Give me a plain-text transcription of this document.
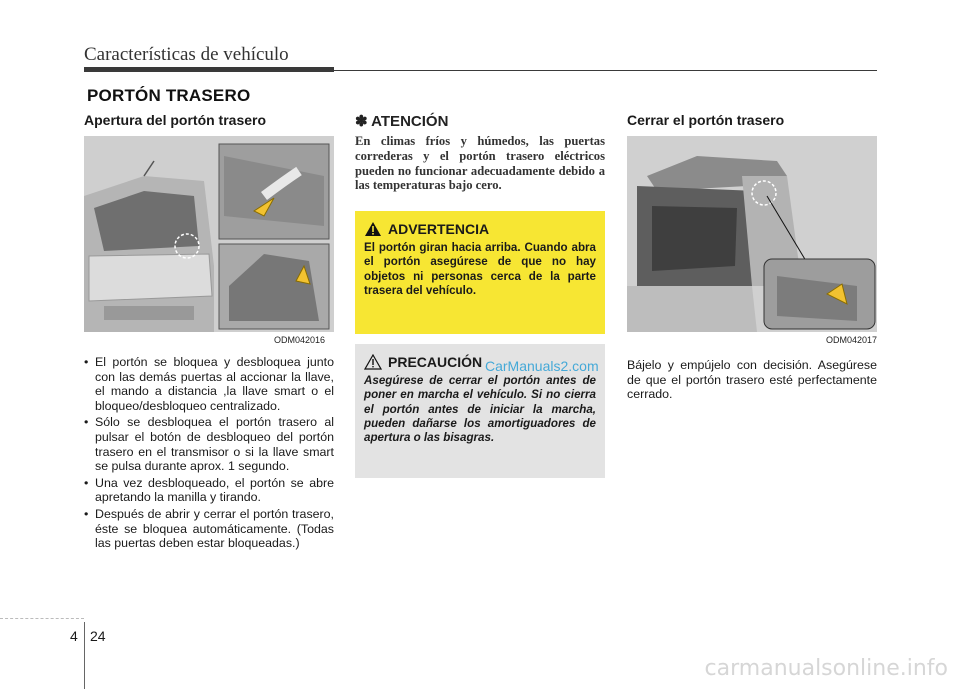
Características de vehículo
PORTÓN TRASERO
Apertura del portón trasero
ODM042016
• El portón se bloquea y desbloquea junto con las demás puertas al accionar la llave, el mando a distancia ,la llave smart o el bloqueo/desbloqueo centralizado.
• Sólo se desbloquea el portón trasero al pulsar el botón de desbloqueo del portón trasero en el transmisor o si la llave smart se pulsa durante aprox. 1 segundo.
• Una vez desbloqueado, el portón se abre apretando la manilla y tirando.
• Después de abrir y cerrar el portón trasero, éste se bloquea automáticamente. (Todas las puertas deben estar bloqueadas.)
✽ ATENCIÓN
En climas fríos y húmedos, las puertas correderas y el portón trasero eléctricos pueden no funcionar adecuadamente debido a las temperaturas bajo cero.
ADVERTENCIA
El portón giran hacia arriba. Cuando abra el portón asegúrese de que no hay objetos ni personas cerca de la parte trasera del vehículo.
PRECAUCIÓN CarManuals2.com
Asegúrese de cerrar el portón antes de poner en marcha el vehículo. Si no cierra el portón antes de iniciar la marcha, pueden dañarse los amortiguadores de apertura o las bisagras.
Cerrar el portón trasero
ODM042017
Bájelo y empújelo con decisión. Asegúrese de que el portón trasero esté perfectamente cerrado.
4 24
carmanualsonline.info
